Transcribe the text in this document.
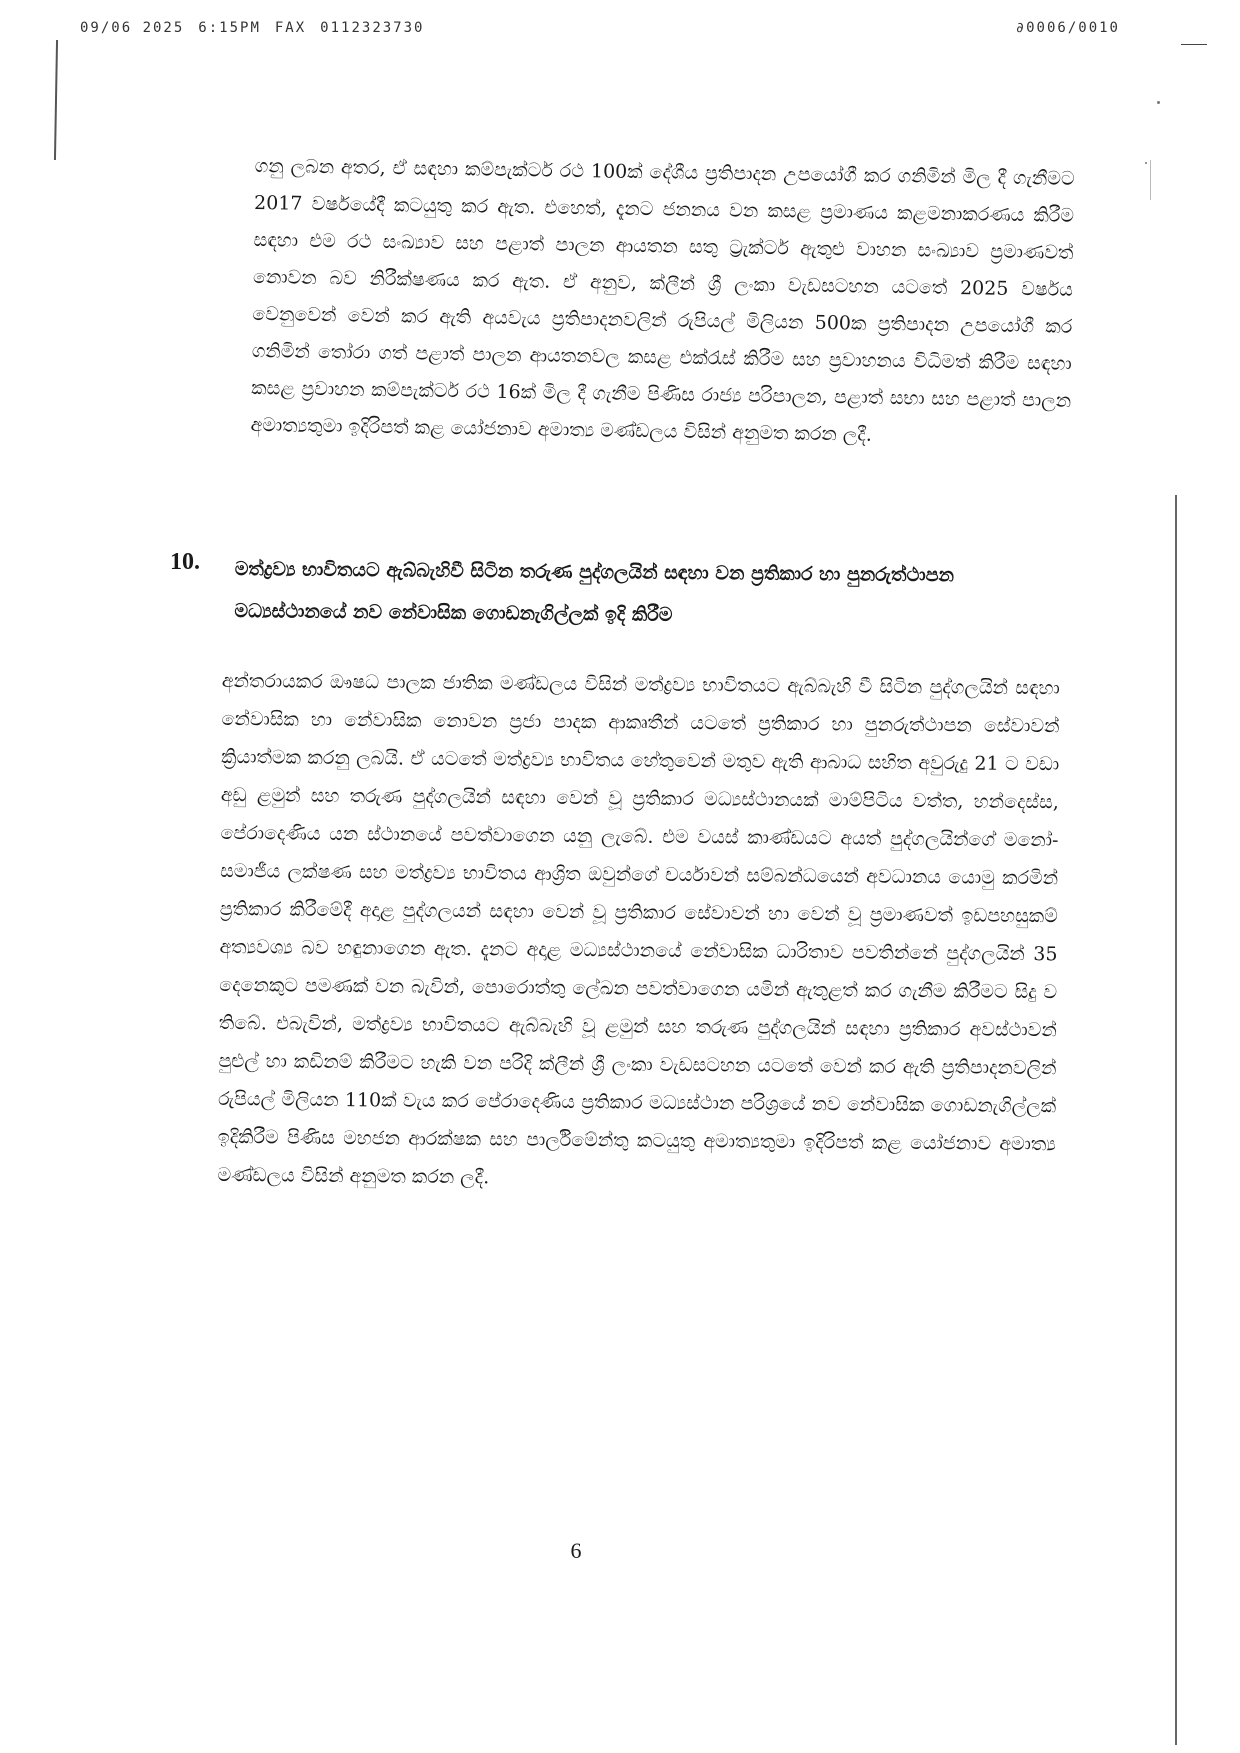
09/06 2025 6:15PM FAX 0112323730	∂0006/0010

ගනු ලබන අතර, ඒ සඳහා කම්පැක්ටර් රථ 100ක් දේශීය ප්‍රතිපාදන උපයෝගී කර ගනිමින් මිල දී ගැනීමට 2017 වර්ෂයේදී කටයුතු කර ඇත. එහෙත්, දැනට ජනනය වන කසළ ප්‍රමාණය කළමනාකරණය කිරීම සඳහා එම රථ සංඛ්‍යාව සහ පළාත් පාලන ආයතන සතු ට්‍රැක්ටර් ඇතුළු වාහන සංඛ්‍යාව ප්‍රමාණවත් නොවන බව නිරීක්ෂණය කර ඇත. ඒ අනුව, ක්ලීන් ශ්‍රී ලංකා වැඩසටහන යටතේ 2025 වර්ෂය වෙනුවෙන් වෙන් කර ඇති අයවැය ප්‍රතිපාදනවලින් රුපියල් මිලියන 500ක ප්‍රතිපාදන උපයෝගී කර ගනිමින් තෝරා ගත් පළාත් පාලන ආයතනවල කසළ එක්රැස් කිරීම සහ ප්‍රවාහනය විධිමත් කිරීම සඳහා කසළ ප්‍රවාහන කම්පැක්ටර් රථ 16ක් මිල දී ගැනීම පිණිස රාජ්‍ය පරිපාලන, පළාත් සභා සහ පළාත් පාලන අමාත්‍යතුමා ඉදිරිපත් කළ යෝජනාව අමාත්‍ය මණ්ඩලය විසින් අනුමත කරන ලදී.

10. මත්ද්‍රව්‍ය භාවිතයට ඇබ්බැහිවී සිටින තරුණ පුද්ගලයින් සඳහා වන ප්‍රතිකාර හා පුනරුත්ථාපන මධ්‍යස්ථානයේ නව නේවාසික ගොඩනැගිල්ලක් ඉදි කිරීම

අන්තරායකර ඖෂධ පාලක ජාතික මණ්ඩලය විසින් මත්ද්‍රව්‍ය භාවිතයට ඇබ්බැහි වී සිටින පුද්ගලයින් සඳහා නේවාසික හා නේවාසික නොවන ප්‍රජා පාදක ආකෘතීන් යටතේ ප්‍රතිකාර හා පුනරුත්ථාපන සේවාවන් ක්‍රියාත්මක කරනු ලබයි. ඒ යටතේ මත්ද්‍රව්‍ය භාවිතය හේතුවෙන් මතුව ඇති ආබාධ සහිත අවුරුදු 21 ට වඩා අඩු ළමුන් සහ තරුණ පුද්ගලයින් සඳහා වෙන් වූ ප්‍රතිකාර මධ්‍යස්ථානයක් මාම්පිටිය වත්ත, හන්දෙස්ස, පේරාදෙණිය යන ස්ථානයේ පවත්වාගෙන යනු ලැබේ. එම වයස් කාණ්ඩයට අයත් පුද්ගලයින්ගේ මනෝ-සමාජීය ලක්ෂණ සහ මත්ද්‍රව්‍ය භාවිතය ආශ්‍රිත ඔවුන්ගේ චර්යාවන් සම්බන්ධයෙන් අවධානය යොමු කරමින් ප්‍රතිකාර කිරීමේදී අදාළ පුද්ගලයන් සඳහා වෙන් වූ ප්‍රතිකාර සේවාවන් හා වෙන් වූ ප්‍රමාණවත් ඉඩපහසුකම් අත්‍යවශ්‍ය බව හඳුනාගෙන ඇත. දැනට අදාළ මධ්‍යස්ථානයේ නේවාසික ධාරිතාව පවතින්නේ පුද්ගලයින් 35 දෙනෙකුට පමණක් වන බැවින්, පොරොත්තු ලේඛන පවත්වාගෙන යමින් ඇතුළත් කර ගැනීම කිරීමට සිදු ව තිබේ. එබැවින්, මත්ද්‍රව්‍ය භාවිතයට ඇබ්බැහි වූ ළමුන් සහ තරුණ පුද්ගලයින් සඳහා ප්‍රතිකාර අවස්ථාවන් පුළුල් හා කඩිනම් කිරීමට හැකි වන පරිදි ක්ලීන් ශ්‍රී ලංකා වැඩසටහන යටතේ වෙන් කර ඇති ප්‍රතිපාදනවලින් රුපියල් මිලියන 110ක් වැය කර පේරාදෙණිය ප්‍රතිකාර මධ්‍යස්ථාන පරිශ්‍රයේ නව නේවාසික ගොඩනැගිල්ලක් ඉදිකිරීම පිණිස මහජන ආරක්ෂක සහ පාර්ලිමේන්තු කටයුතු අමාත්‍යතුමා ඉදිරිපත් කළ යෝජනාව අමාත්‍ය මණ්ඩලය විසින් අනුමත කරන ලදී.

6
